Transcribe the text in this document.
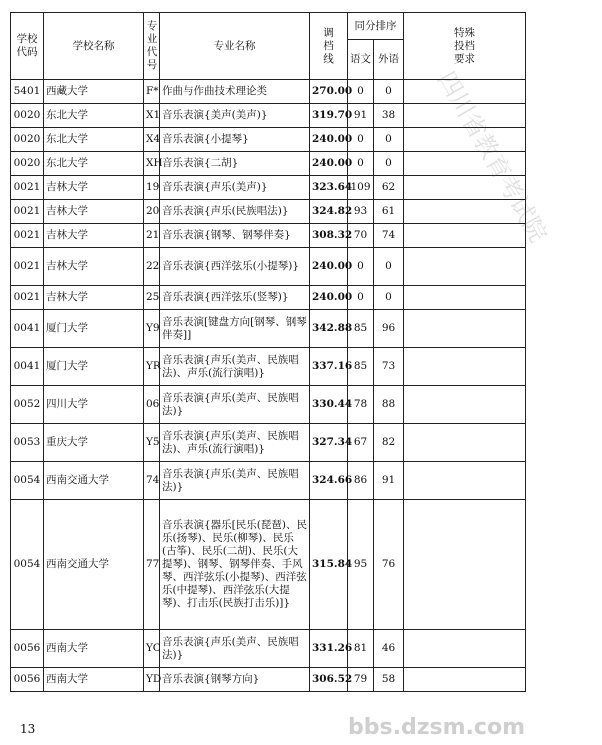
学校代码	学校名称	专业代号	专业名称	调档线	同分排序		特殊投档要求
					语文	外语	
5401	西藏大学	F*	作曲与作曲技术理论类	270.00	0	0	
0020	东北大学	X1	音乐表演{美声(美声)}	319.70	91	38	
0020	东北大学	X4	音乐表演{小提琴}	240.00	0	0	
0020	东北大学	XH	音乐表演{二胡}	240.00	0	0	
0021	吉林大学	19	音乐表演{声乐(美声)}	323.64	109	62	
0021	吉林大学	20	音乐表演{声乐(民族唱法)}	324.82	93	61	
0021	吉林大学	21	音乐表演{钢琴、钢琴伴奏}	308.32	70	74	
0021	吉林大学	22	音乐表演{西洋弦乐(小提琴)}	240.00	0	0	
0021	吉林大学	25	音乐表演{西洋弦乐(竖琴)}	240.00	0	0	
0041	厦门大学	Y9	音乐表演[键盘方向[钢琴、钢琴伴奏]]	342.88	85	96	
0041	厦门大学	YR	音乐表演{声乐(美声、民族唱法)、声乐(流行演唱)}	337.16	85	73	
0052	四川大学	06	音乐表演{声乐(美声、民族唱法)}	330.44	78	88	
0053	重庆大学	Y5	音乐表演{声乐(美声、民族唱法)、声乐(流行演唱)}	327.34	67	82	
0054	西南交通大学	74	音乐表演{声乐(美声、民族唱法)}	324.66	86	91	
0054	西南交通大学	77	音乐表演{器乐[民乐(琵琶)、民乐(扬琴)、民乐(柳琴)、民乐(古筝)、民乐(二胡)、民乐(大提琴)、钢琴、钢琴伴奏、手风琴、西洋弦乐(小提琴)、西洋弦乐(中提琴)、西洋弦乐(大提琴)、打击乐(民族打击乐)]}	315.84	95	76	
0056	西南大学	YC	音乐表演{声乐(美声、民族唱法)}	331.26	81	46	
0056	西南大学	YD	音乐表演{钢琴方向}	306.52	79	58	
四川省教育考试院
13	bbs.dzsm.com
